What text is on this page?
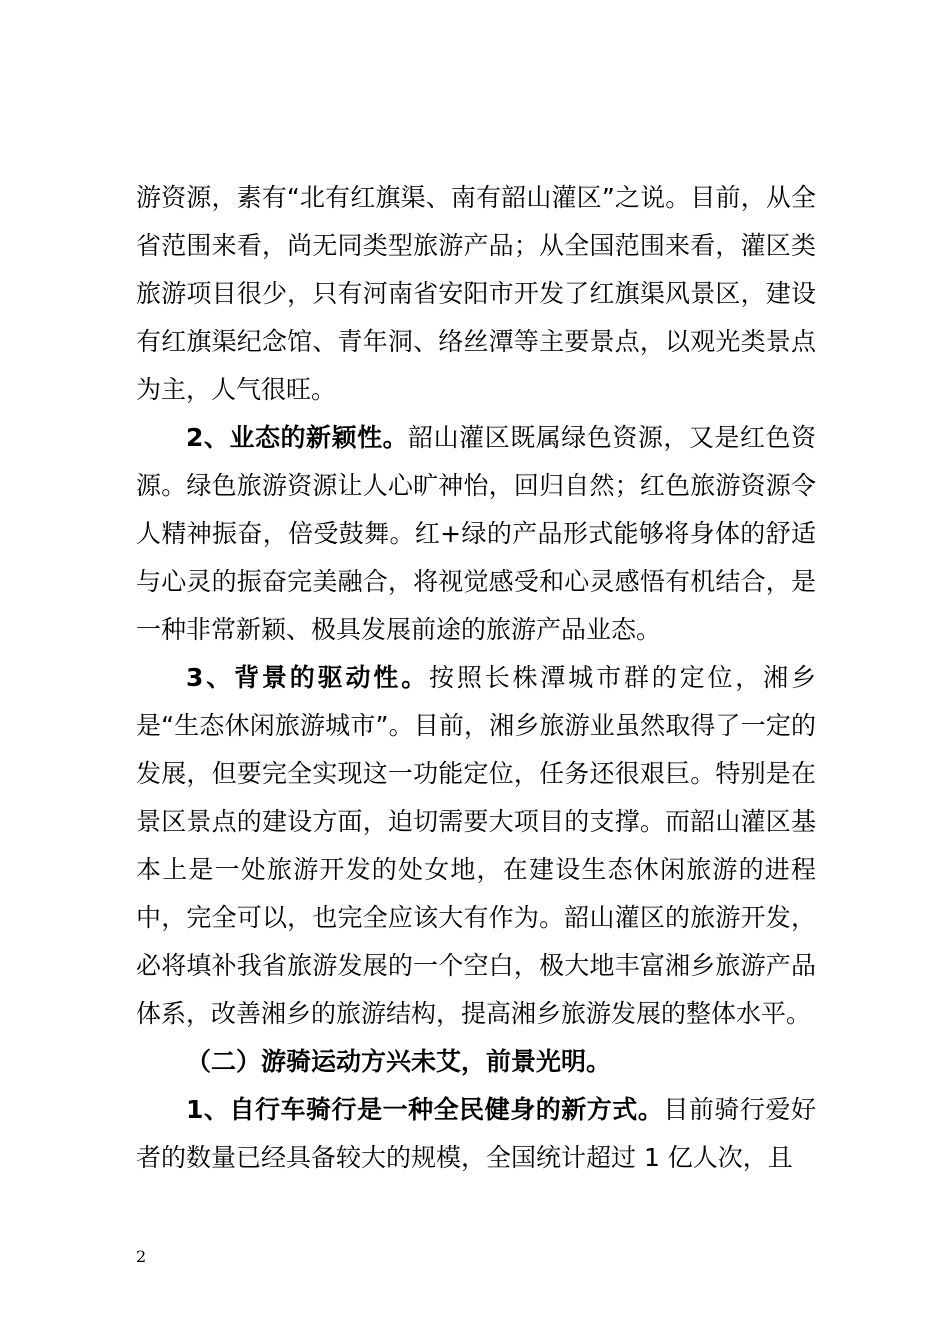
游资源，素有“北有红旗渠、南有韶山灌区”之说。目前，从全省范围来看，尚无同类型旅游产品；从全国范围来看，灌区类旅游项目很少，只有河南省安阳市开发了红旗渠风景区，建设有红旗渠纪念馆、青年洞、络丝潭等主要景点，以观光类景点为主，人气很旺。

2、业态的新颖性。韶山灌区既属绿色资源，又是红色资源。绿色旅游资源让人心旷神怡，回归自然；红色旅游资源令人精神振奋，倍受鼓舞。红+绿的产品形式能够将身体的舒适与心灵的振奋完美融合，将视觉感受和心灵感悟有机结合，是一种非常新颖、极具发展前途的旅游产品业态。

3、背景的驱动性。按照长株潭城市群的定位，湘乡是“生态休闲旅游城市”。目前，湘乡旅游业虽然取得了一定的发展，但要完全实现这一功能定位，任务还很艰巨。特别是在景区景点的建设方面，迫切需要大项目的支撑。而韶山灌区基本上是一处旅游开发的处女地，在建设生态休闲旅游的进程中，完全可以，也完全应该大有作为。韶山灌区的旅游开发，必将填补我省旅游发展的一个空白，极大地丰富湘乡旅游产品体系，改善湘乡的旅游结构，提高湘乡旅游发展的整体水平。

（二）游骑运动方兴未艾，前景光明。

1、自行车骑行是一种全民健身的新方式。目前骑行爱好者的数量已经具备较大的规模，全国统计超过 1 亿人次，且

2
